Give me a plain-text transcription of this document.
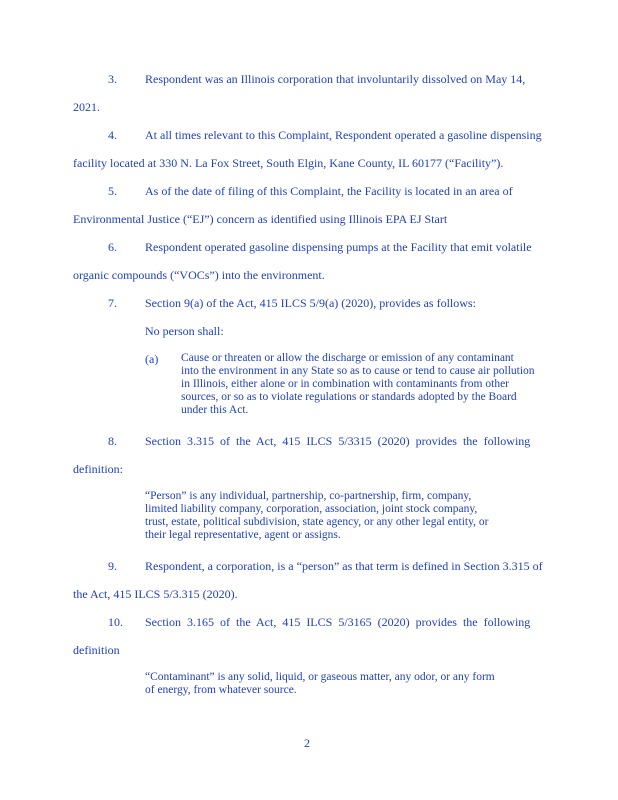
3. Respondent was an Illinois corporation that involuntarily dissolved on May 14,
2021.
4. At all times relevant to this Complaint, Respondent operated a gasoline dispensing
facility located at 330 N. La Fox Street, South Elgin, Kane County, IL 60177 (“Facility”).
5. As of the date of filing of this Complaint, the Facility is located in an area of
Environmental Justice (“EJ”) concern as identified using Illinois EPA EJ Start
6. Respondent operated gasoline dispensing pumps at the Facility that emit volatile
organic compounds (“VOCs”) into the environment.
7. Section 9(a) of the Act, 415 ILCS 5/9(a) (2020), provides as follows:
No person shall:
(a) Cause or threaten or allow the discharge or emission of any contaminant
into the environment in any State so as to cause or tend to cause air pollution
in Illinois, either alone or in combination with contaminants from other
sources, or so as to violate regulations or standards adopted by the Board
under this Act.
8. Section 3.315 of the Act, 415 ILCS 5/3315 (2020) provides the following
definition:
“Person” is any individual, partnership, co-partnership, firm, company,
limited liability company, corporation, association, joint stock company,
trust, estate, political subdivision, state agency, or any other legal entity, or
their legal representative, agent or assigns.
9. Respondent, a corporation, is a “person” as that term is defined in Section 3.315 of
the Act, 415 ILCS 5/3.315 (2020).
10. Section 3.165 of the Act, 415 ILCS 5/3165 (2020) provides the following
definition
“Contaminant” is any solid, liquid, or gaseous matter, any odor, or any form
of energy, from whatever source.
2
